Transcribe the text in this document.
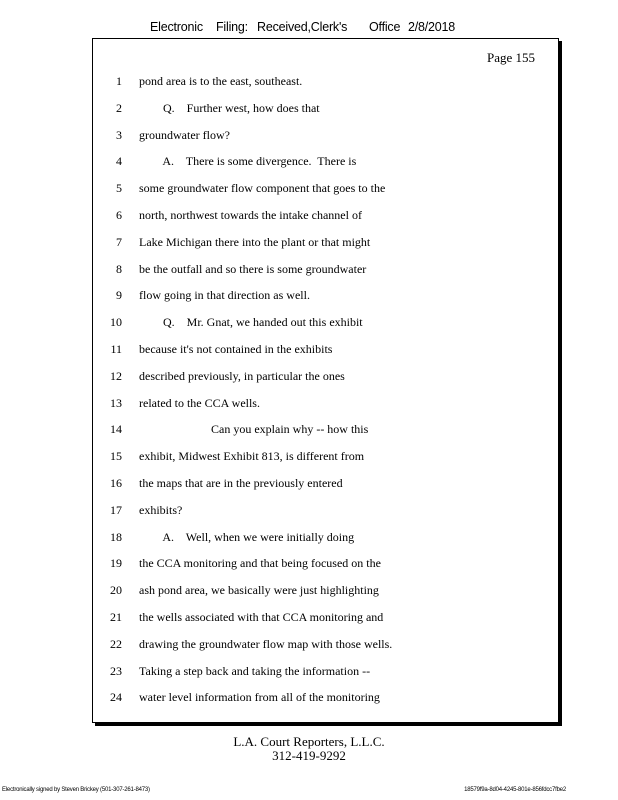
Electronic Filing: Received,Clerk's Office 2/8/2018
Page 155
1 pond area is to the east, southeast.
2 Q.    Further west, how does that
3 groundwater flow?
4 A.    There is some divergence.  There is
5 some groundwater flow component that goes to the
6 north, northwest towards the intake channel of
7 Lake Michigan there into the plant or that might
8 be the outfall and so there is some groundwater
9 flow going in that direction as well.
10 Q.    Mr. Gnat, we handed out this exhibit
11 because it's not contained in the exhibits
12 described previously, in particular the ones
13 related to the CCA wells.
14 Can you explain why -- how this
15 exhibit, Midwest Exhibit 813, is different from
16 the maps that are in the previously entered
17 exhibits?
18 A.    Well, when we were initially doing
19 the CCA monitoring and that being focused on the
20 ash pond area, we basically were just highlighting
21 the wells associated with that CCA monitoring and
22 drawing the groundwater flow map with those wells.
23 Taking a step back and taking the information --
24 water level information from all of the monitoring
L.A. Court Reporters, L.L.C.
312-419-9292
Electronically signed by Steven Brickey (501-307-261-8473)	18579f9a-8d04-4245-801e-856fdcc7fbe2
